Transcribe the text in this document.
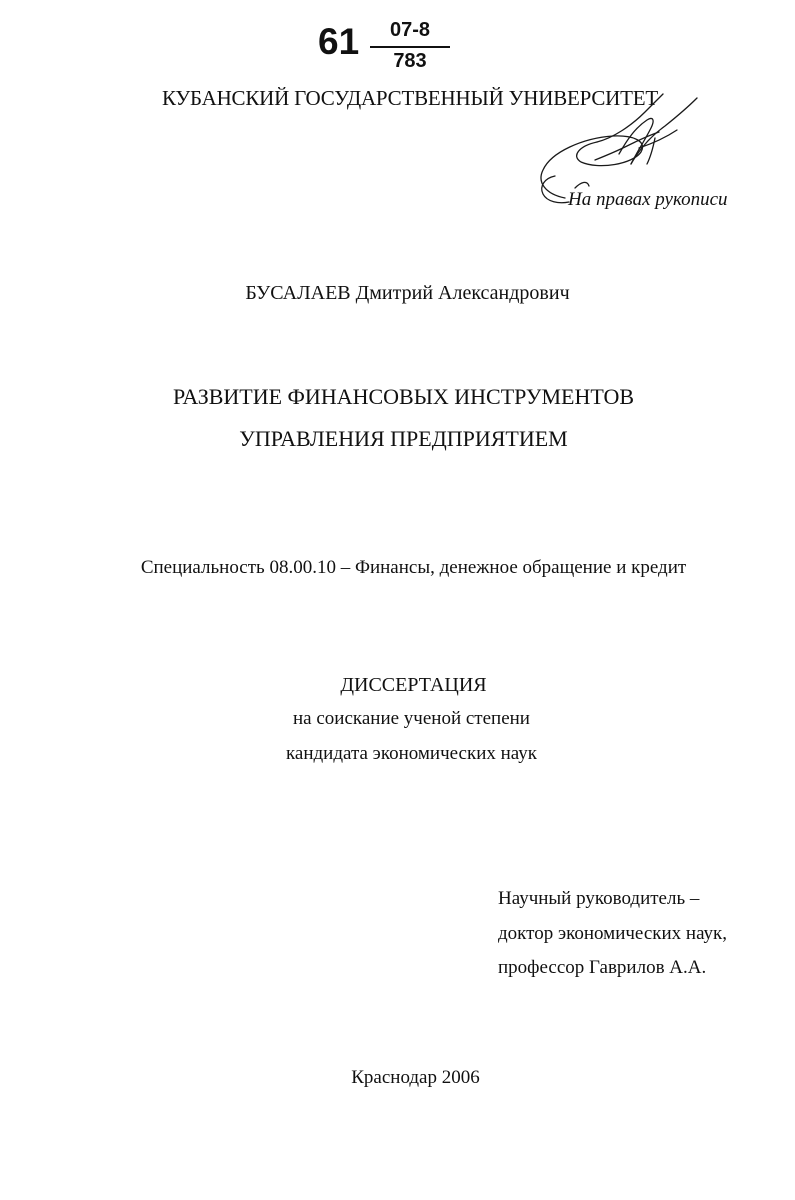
61	07-8
783
КУБАНСКИЙ ГОСУДАРСТВЕННЫЙ УНИВЕРСИТЕТ
На правах рукописи
БУСАЛАЕВ Дмитрий Александрович
РАЗВИТИЕ ФИНАНСОВЫХ ИНСТРУМЕНТОВ
УПРАВЛЕНИЯ ПРЕДПРИЯТИЕМ
Специальность 08.00.10 – Финансы, денежное обращение и кредит
ДИССЕРТАЦИЯ
на соискание ученой степени
кандидата экономических наук
Научный руководитель –
доктор экономических наук,
профессор Гаврилов А.А.
Краснодар 2006
